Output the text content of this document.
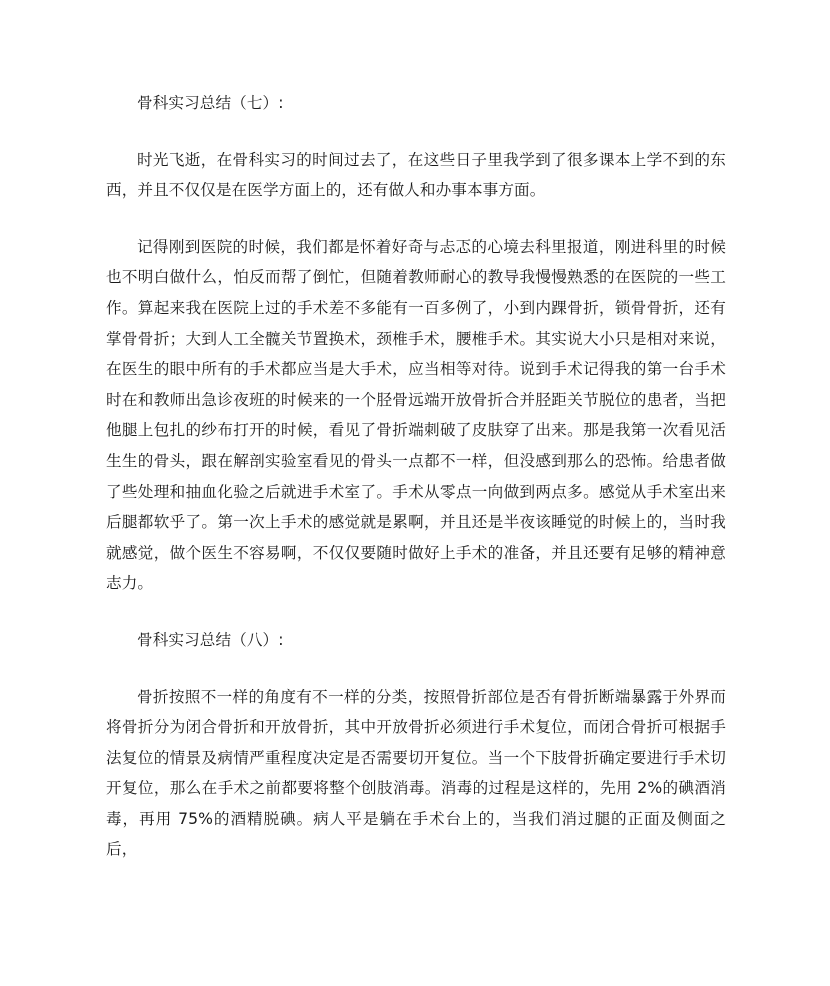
骨科实习总结（七）:

时光飞逝，在骨科实习的时间过去了，在这些日子里我学到了很多课本上学不到的东西，并且不仅仅是在医学方面上的，还有做人和办事本事方面。

记得刚到医院的时候，我们都是怀着好奇与忐忑的心境去科里报道，刚进科里的时候也不明白做什么，怕反而帮了倒忙，但随着教师耐心的教导我慢慢熟悉的在医院的一些工作。算起来我在医院上过的手术差不多能有一百多例了，小到内踝骨折，锁骨骨折，还有掌骨骨折；大到人工全髋关节置换术，颈椎手术，腰椎手术。其实说大小只是相对来说，在医生的眼中所有的手术都应当是大手术，应当相等对待。说到手术记得我的第一台手术时在和教师出急诊夜班的时候来的一个胫骨远端开放骨折合并胫距关节脱位的患者，当把他腿上包扎的纱布打开的时候，看见了骨折端刺破了皮肤穿了出来。那是我第一次看见活生生的骨头，跟在解剖实验室看见的骨头一点都不一样，但没感到那么的恐怖。给患者做了些处理和抽血化验之后就进手术室了。手术从零点一向做到两点多。感觉从手术室出来后腿都软乎了。第一次上手术的感觉就是累啊，并且还是半夜该睡觉的时候上的，当时我就感觉，做个医生不容易啊，不仅仅要随时做好上手术的准备，并且还要有足够的精神意志力。

骨科实习总结（八）:

骨折按照不一样的角度有不一样的分类，按照骨折部位是否有骨折断端暴露于外界而将骨折分为闭合骨折和开放骨折，其中开放骨折必须进行手术复位，而闭合骨折可根据手法复位的情景及病情严重程度决定是否需要切开复位。当一个下肢骨折确定要进行手术切开复位，那么在手术之前都要将整个创肢消毒。消毒的过程是这样的，先用 2%的碘酒消毒，再用 75%的酒精脱碘。病人平是躺在手术台上的，当我们消过腿的正面及侧面之后，
